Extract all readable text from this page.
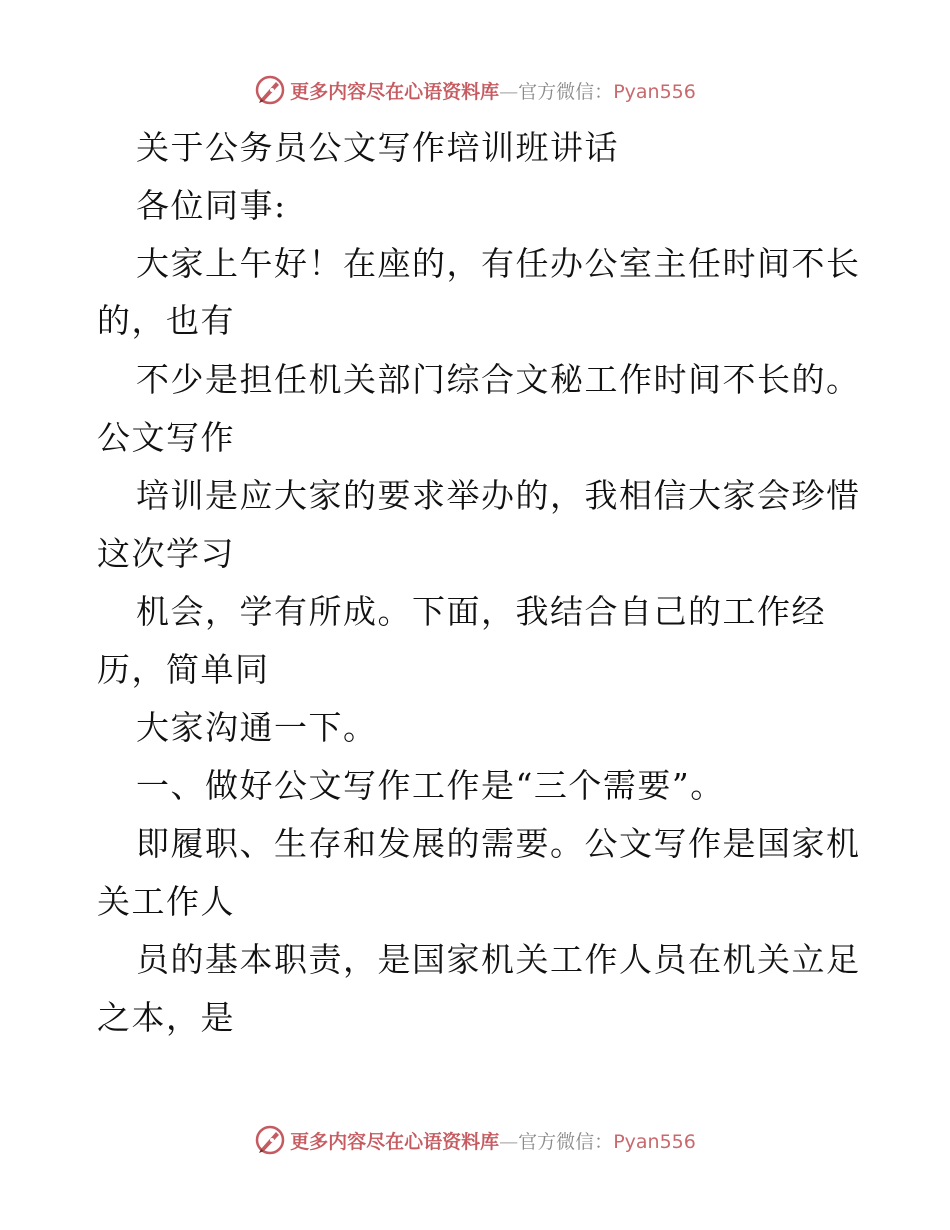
更多内容尽在心语资料库—官方微信：Pyan556
关于公务员公文写作培训班讲话
各位同事:
大家上午好！在座的，有任办公室主任时间不长
的，也有
不少是担任机关部门综合文秘工作时间不长的。
公文写作
培训是应大家的要求举办的，我相信大家会珍惜
这次学习
机会，学有所成。下面，我结合自己的工作经
历，简单同
大家沟通一下。
一、做好公文写作工作是“三个需要”。
即履职、生存和发展的需要。公文写作是国家机
关工作人
员的基本职责，是国家机关工作人员在机关立足
之本，是
更多内容尽在心语资料库—官方微信：Pyan556
